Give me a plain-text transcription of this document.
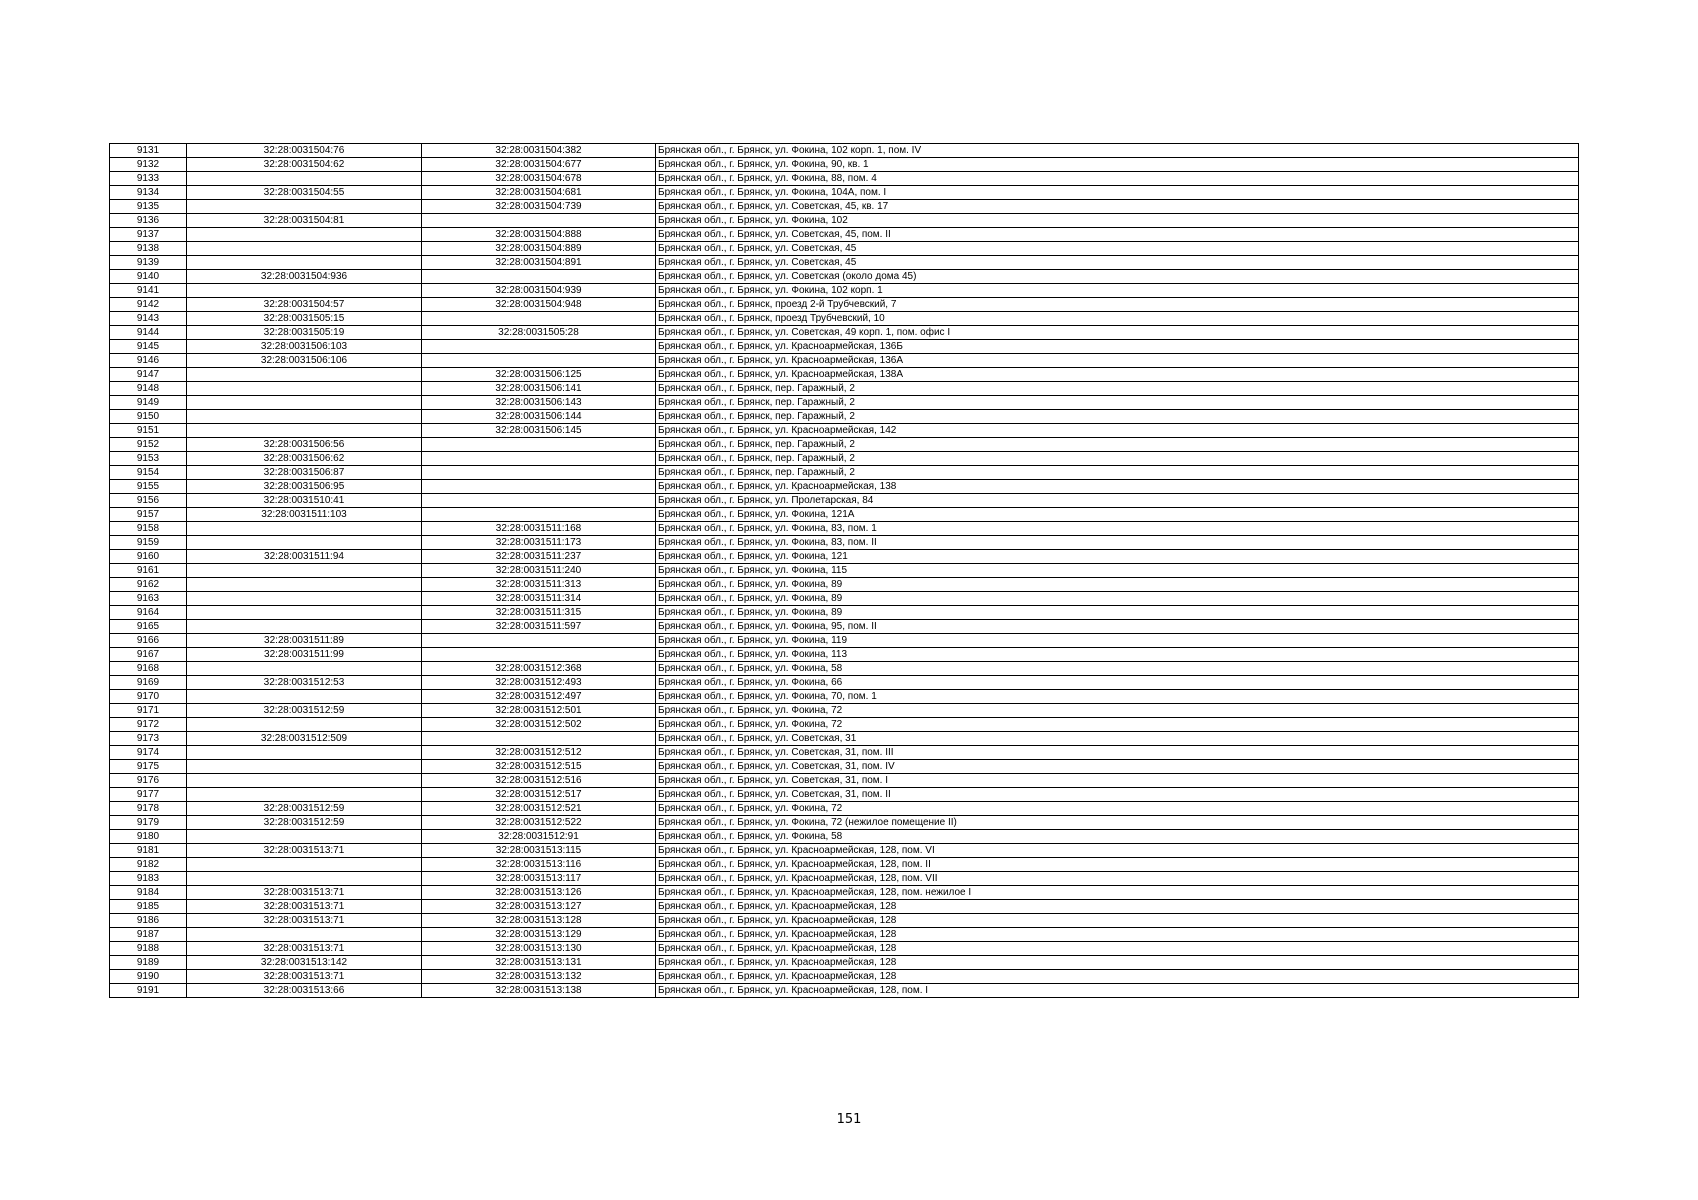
9131	32:28:0031504:76	32:28:0031504:382	Брянская обл., г. Брянск, ул. Фокина, 102 корп. 1, пом. IV
9132	32:28:0031504:62	32:28:0031504:677	Брянская обл., г. Брянск, ул. Фокина, 90, кв. 1
9133		32:28:0031504:678	Брянская обл., г. Брянск, ул. Фокина, 88, пом. 4
9134	32:28:0031504:55	32:28:0031504:681	Брянская обл., г. Брянск, ул. Фокина, 104А, пом. I
9135		32:28:0031504:739	Брянская обл., г. Брянск, ул. Советская, 45, кв. 17
9136	32:28:0031504:81		Брянская обл., г. Брянск, ул. Фокина, 102
9137		32:28:0031504:888	Брянская обл., г. Брянск, ул. Советская, 45, пом. II
9138		32:28:0031504:889	Брянская обл., г. Брянск, ул. Советская, 45
9139		32:28:0031504:891	Брянская обл., г. Брянск, ул. Советская, 45
9140	32:28:0031504:936		Брянская обл., г. Брянск, ул. Советская (около дома 45)
9141		32:28:0031504:939	Брянская обл., г. Брянск, ул. Фокина, 102 корп. 1
9142	32:28:0031504:57	32:28:0031504:948	Брянская обл., г. Брянск, проезд 2-й Трубчевский, 7
9143	32:28:0031505:15		Брянская обл., г. Брянск, проезд Трубчевский, 10
9144	32:28:0031505:19	32:28:0031505:28	Брянская обл., г. Брянск, ул. Советская, 49 корп. 1, пом. офис I
9145	32:28:0031506:103		Брянская обл., г. Брянск, ул. Красноармейская, 136Б
9146	32:28:0031506:106		Брянская обл., г. Брянск, ул. Красноармейская, 136А
9147		32:28:0031506:125	Брянская обл., г. Брянск, ул. Красноармейская, 138А
9148		32:28:0031506:141	Брянская обл., г. Брянск, пер. Гаражный, 2
9149		32:28:0031506:143	Брянская обл., г. Брянск, пер. Гаражный, 2
9150		32:28:0031506:144	Брянская обл., г. Брянск, пер. Гаражный, 2
9151		32:28:0031506:145	Брянская обл., г. Брянск, ул. Красноармейская, 142
9152	32:28:0031506:56		Брянская обл., г. Брянск, пер. Гаражный, 2
9153	32:28:0031506:62		Брянская обл., г. Брянск, пер. Гаражный, 2
9154	32:28:0031506:87		Брянская обл., г. Брянск, пер. Гаражный, 2
9155	32:28:0031506:95		Брянская обл., г. Брянск, ул. Красноармейская, 138
9156	32:28:0031510:41		Брянская обл., г. Брянск, ул. Пролетарская, 84
9157	32:28:0031511:103		Брянская обл., г. Брянск, ул. Фокина, 121А
9158		32:28:0031511:168	Брянская обл., г. Брянск, ул. Фокина, 83, пом. 1
9159		32:28:0031511:173	Брянская обл., г. Брянск, ул. Фокина, 83, пом. II
9160	32:28:0031511:94	32:28:0031511:237	Брянская обл., г. Брянск, ул. Фокина, 121
9161		32:28:0031511:240	Брянская обл., г. Брянск, ул. Фокина, 115
9162		32:28:0031511:313	Брянская обл., г. Брянск, ул. Фокина, 89
9163		32:28:0031511:314	Брянская обл., г. Брянск, ул. Фокина, 89
9164		32:28:0031511:315	Брянская обл., г. Брянск, ул. Фокина, 89
9165		32:28:0031511:597	Брянская обл., г. Брянск, ул. Фокина, 95, пом. II
9166	32:28:0031511:89		Брянская обл., г. Брянск, ул. Фокина, 119
9167	32:28:0031511:99		Брянская обл., г. Брянск, ул. Фокина, 113
9168		32:28:0031512:368	Брянская обл., г. Брянск, ул. Фокина, 58
9169	32:28:0031512:53	32:28:0031512:493	Брянская обл., г. Брянск, ул. Фокина, 66
9170		32:28:0031512:497	Брянская обл., г. Брянск, ул. Фокина, 70, пом. 1
9171	32:28:0031512:59	32:28:0031512:501	Брянская обл., г. Брянск, ул. Фокина, 72
9172		32:28:0031512:502	Брянская обл., г. Брянск, ул. Фокина, 72
9173	32:28:0031512:509		Брянская обл., г. Брянск, ул. Советская, 31
9174		32:28:0031512:512	Брянская обл., г. Брянск, ул. Советская, 31, пом. III
9175		32:28:0031512:515	Брянская обл., г. Брянск, ул. Советская, 31, пом. IV
9176		32:28:0031512:516	Брянская обл., г. Брянск, ул. Советская, 31, пом. I
9177		32:28:0031512:517	Брянская обл., г. Брянск, ул. Советская, 31, пом. II
9178	32:28:0031512:59	32:28:0031512:521	Брянская обл., г. Брянск, ул. Фокина, 72
9179	32:28:0031512:59	32:28:0031512:522	Брянская обл., г. Брянск, ул. Фокина, 72 (нежилое помещение II)
9180		32:28:0031512:91	Брянская обл., г. Брянск, ул. Фокина, 58
9181	32:28:0031513:71	32:28:0031513:115	Брянская обл., г. Брянск, ул. Красноармейская, 128, пом. VI
9182		32:28:0031513:116	Брянская обл., г. Брянск, ул. Красноармейская, 128, пом. II
9183		32:28:0031513:117	Брянская обл., г. Брянск, ул. Красноармейская, 128, пом. VII
9184	32:28:0031513:71	32:28:0031513:126	Брянская обл., г. Брянск, ул. Красноармейская, 128, пом. нежилое I
9185	32:28:0031513:71	32:28:0031513:127	Брянская обл., г. Брянск, ул. Красноармейская, 128
9186	32:28:0031513:71	32:28:0031513:128	Брянская обл., г. Брянск, ул. Красноармейская, 128
9187		32:28:0031513:129	Брянская обл., г. Брянск, ул. Красноармейская, 128
9188	32:28:0031513:71	32:28:0031513:130	Брянская обл., г. Брянск, ул. Красноармейская, 128
9189	32:28:0031513:142	32:28:0031513:131	Брянская обл., г. Брянск, ул. Красноармейская, 128
9190	32:28:0031513:71	32:28:0031513:132	Брянская обл., г. Брянск, ул. Красноармейская, 128
9191	32:28:0031513:66	32:28:0031513:138	Брянская обл., г. Брянск, ул. Красноармейская, 128, пом. I
151
